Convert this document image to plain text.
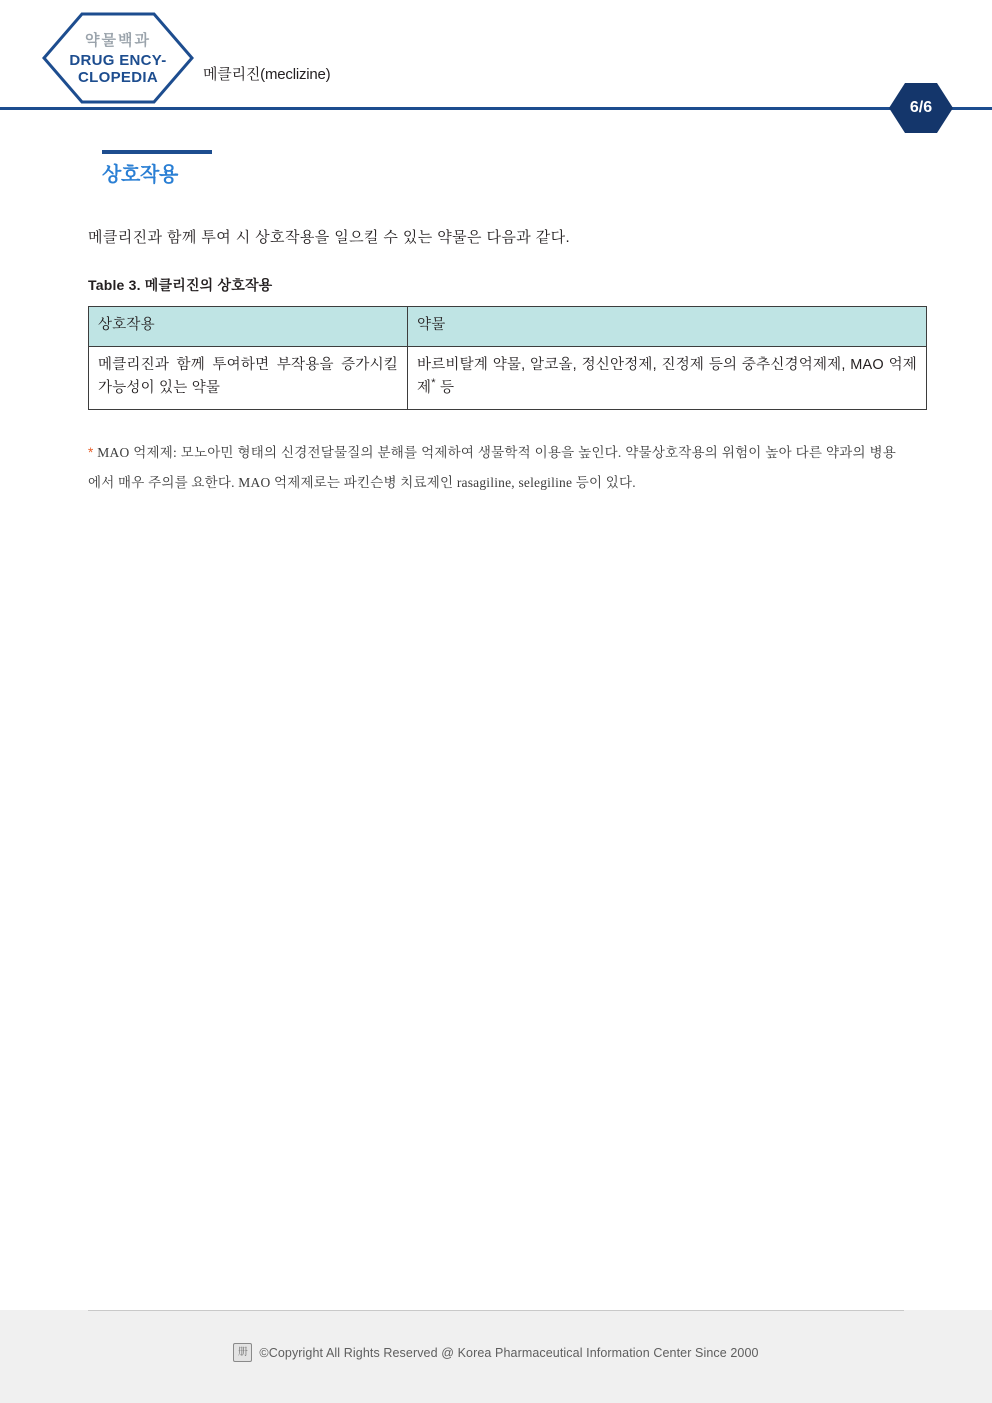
약물백과
DRUG ENCY-
CLOPEDIA	메클리진(meclizine)
6/6
상호작용

메클리진과 함께 투여 시 상호작용을 일으킬 수 있는 약물은 다음과 같다.

Table 3. 메클리진의 상호작용
상호작용	약물
메클리진과 함께 투여하면 부작용을 증가시킬 가능성이 있는 약물	바르비탈계 약물, 알코올, 정신안정제, 진정제 등의 중추신경억제제, MAO 억제제* 등

* MAO 억제제: 모노아민 형태의 신경전달물질의 분해를 억제하여 생물학적 이용을 높인다. 약물상호작용의 위험이 높아 다른 약과의 병용에서 매우 주의를 요한다. MAO 억제제로는 파킨슨병 치료제인 rasagiline, selegiline 등이 있다.

册 ©Copyright All Rights Reserved @ Korea Pharmaceutical Information Center Since 2000
